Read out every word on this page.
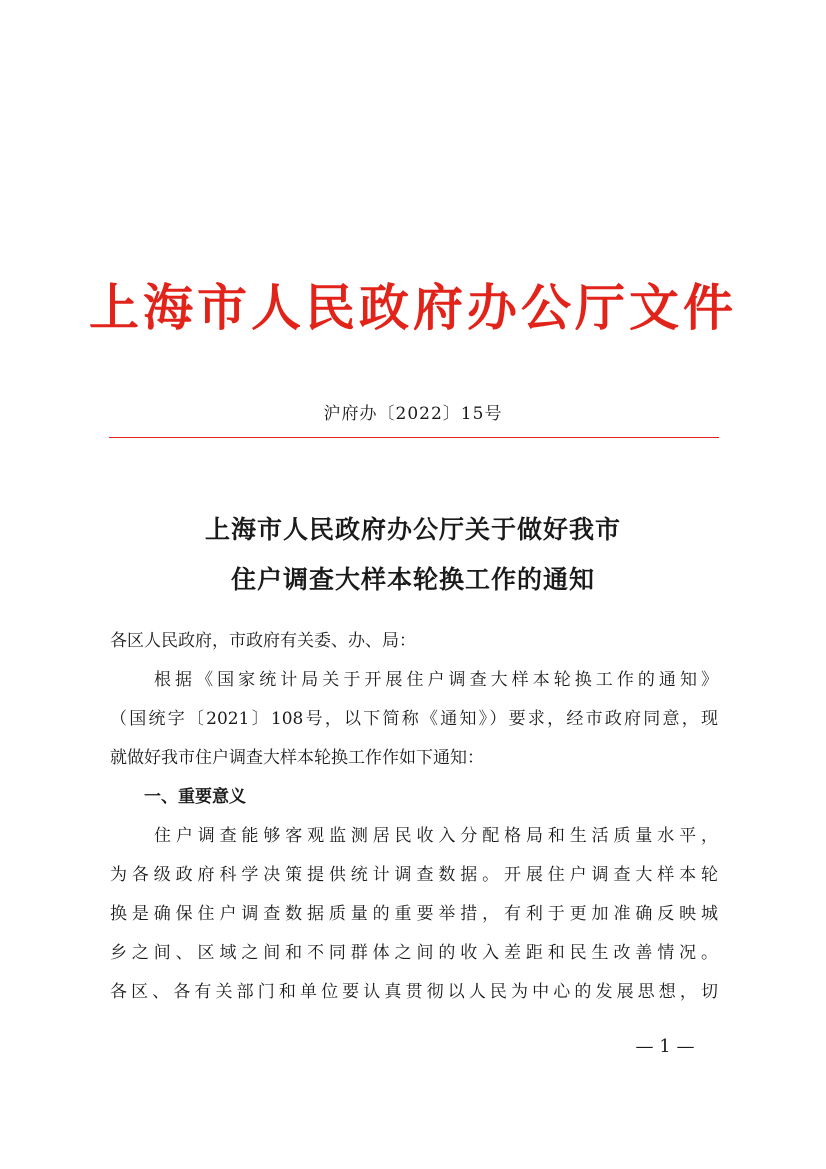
上海市人民政府办公厅文件
沪府办〔2022〕15号
上海市人民政府办公厅关于做好我市
住户调查大样本轮换工作的通知
各区人民政府，市政府有关委、办、局：
根据《国家统计局关于开展住户调查大样本轮换工作的通知》
（国统字〔2021〕108号，以下简称《通知》）要求，经市政府同意，现
就做好我市住户调查大样本轮换工作作如下通知：
一、重要意义
住户调查能够客观监测居民收入分配格局和生活质量水平，
为各级政府科学决策提供统计调查数据。开展住户调查大样本轮
换是确保住户调查数据质量的重要举措，有利于更加准确反映城
乡之间、区域之间和不同群体之间的收入差距和民生改善情况。
各区、各有关部门和单位要认真贯彻以人民为中心的发展思想，切
— 1 —
